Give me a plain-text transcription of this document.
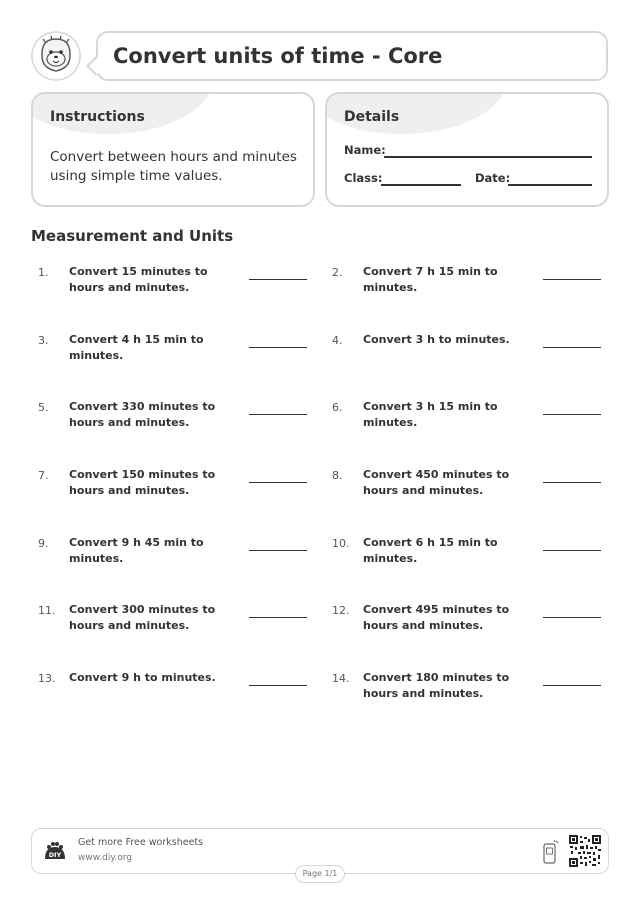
Convert units of time - Core
Instructions
Convert between hours and minutes using simple time values.
Details
Name:
Class:	Date:
Measurement and Units
1. Convert 15 minutes to hours and minutes.
2. Convert 7 h 15 min to minutes.
3. Convert 4 h 15 min to minutes.
4. Convert 3 h to minutes.
5. Convert 330 minutes to hours and minutes.
6. Convert 3 h 15 min to minutes.
7. Convert 150 minutes to hours and minutes.
8. Convert 450 minutes to hours and minutes.
9. Convert 9 h 45 min to minutes.
10. Convert 6 h 15 min to minutes.
11. Convert 300 minutes to hours and minutes.
12. Convert 495 minutes to hours and minutes.
13. Convert 9 h to minutes.	14. Convert 180 minutes to hours and minutes.
DIY
Get more Free worksheets
www.diy.org
Page 1/1
